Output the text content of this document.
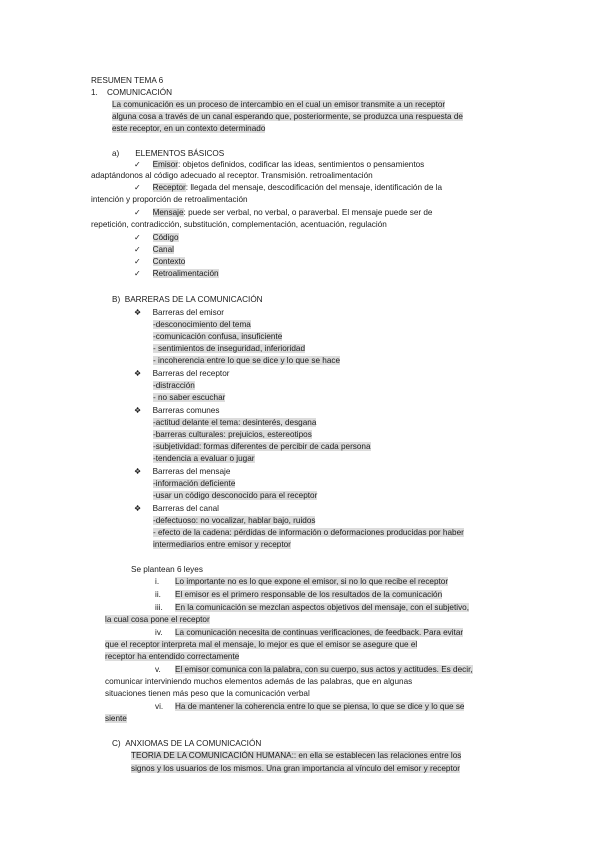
RESUMEN TEMA 6
1. COMUNICACIÓN
La comunicación es un proceso de intercambio en el cual un emisor transmite a un receptor
alguna cosa a través de un canal esperando que, posteriormente, se produzca una respuesta de
este receptor, en un contexto determinado
a) ELEMENTOS BÁSICOS
✓ Emisor: objetos definidos, codificar las ideas, sentimientos o pensamientos
adaptándonos al código adecuado al receptor. Transmisión. retroalimentación
✓ Receptor: llegada del mensaje, descodificación del mensaje, identificación de la
intención y proporción de retroalimentación
✓ Mensaje: puede ser verbal, no verbal, o paraverbal. El mensaje puede ser de
repetición, contradicción, substitución, complementación, acentuación, regulación
✓ Código
✓ Canal
✓ Contexto
✓ Retroalimentación
B) BARRERAS DE LA COMUNICACIÓN
❖ Barreras del emisor
-desconocimiento del tema
-comunicación confusa, insuficiente
- sentimientos de inseguridad, inferioridad
- incoherencia entre lo que se dice y lo que se hace
❖ Barreras del receptor
-distracción
- no saber escuchar
❖ Barreras comunes
-actitud delante el tema: desinterés, desgana
-barreras culturales: prejuicios, estereotipos
-subjetividad: formas diferentes de percibir de cada persona
-tendencia a evaluar o jugar
❖ Barreras del mensaje
-información deficiente
-usar un código desconocido para el receptor
❖ Barreras del canal
-defectuoso: no vocalizar, hablar bajo, ruidos
- efecto de la cadena: pérdidas de información o deformaciones producidas por haber
intermediarios entre emisor y receptor
Se plantean 6 leyes
i. Lo importante no es lo que expone el emisor, si no lo que recibe el receptor
ii. El emisor es el primero responsable de los resultados de la comunicación
iii. En la comunicación se mezclan aspectos objetivos del mensaje, con el subjetivo,
la cual cosa pone el receptor
iv. La comunicación necesita de continuas verificaciones, de feedback. Para evitar
que el receptor interpreta mal el mensaje, lo mejor es que el emisor se asegure que el
receptor ha entendido correctamente
v. El emisor comunica con la palabra, con su cuerpo, sus actos y actitudes. Es decir,
comunicar interviniendo muchos elementos además de las palabras, que en algunas
situaciones tienen más peso que la comunicación verbal
vi. Ha de mantener la coherencia entre lo que se piensa, lo que se dice y lo que se
siente
C) ANXIOMAS DE LA COMUNICACIÓN
TEORIA DE LA COMUNICACIÓN HUMANA:: en ella se establecen las relaciones entre los
signos y los usuarios de los mismos. Una gran importancia al vínculo del emisor y receptor
